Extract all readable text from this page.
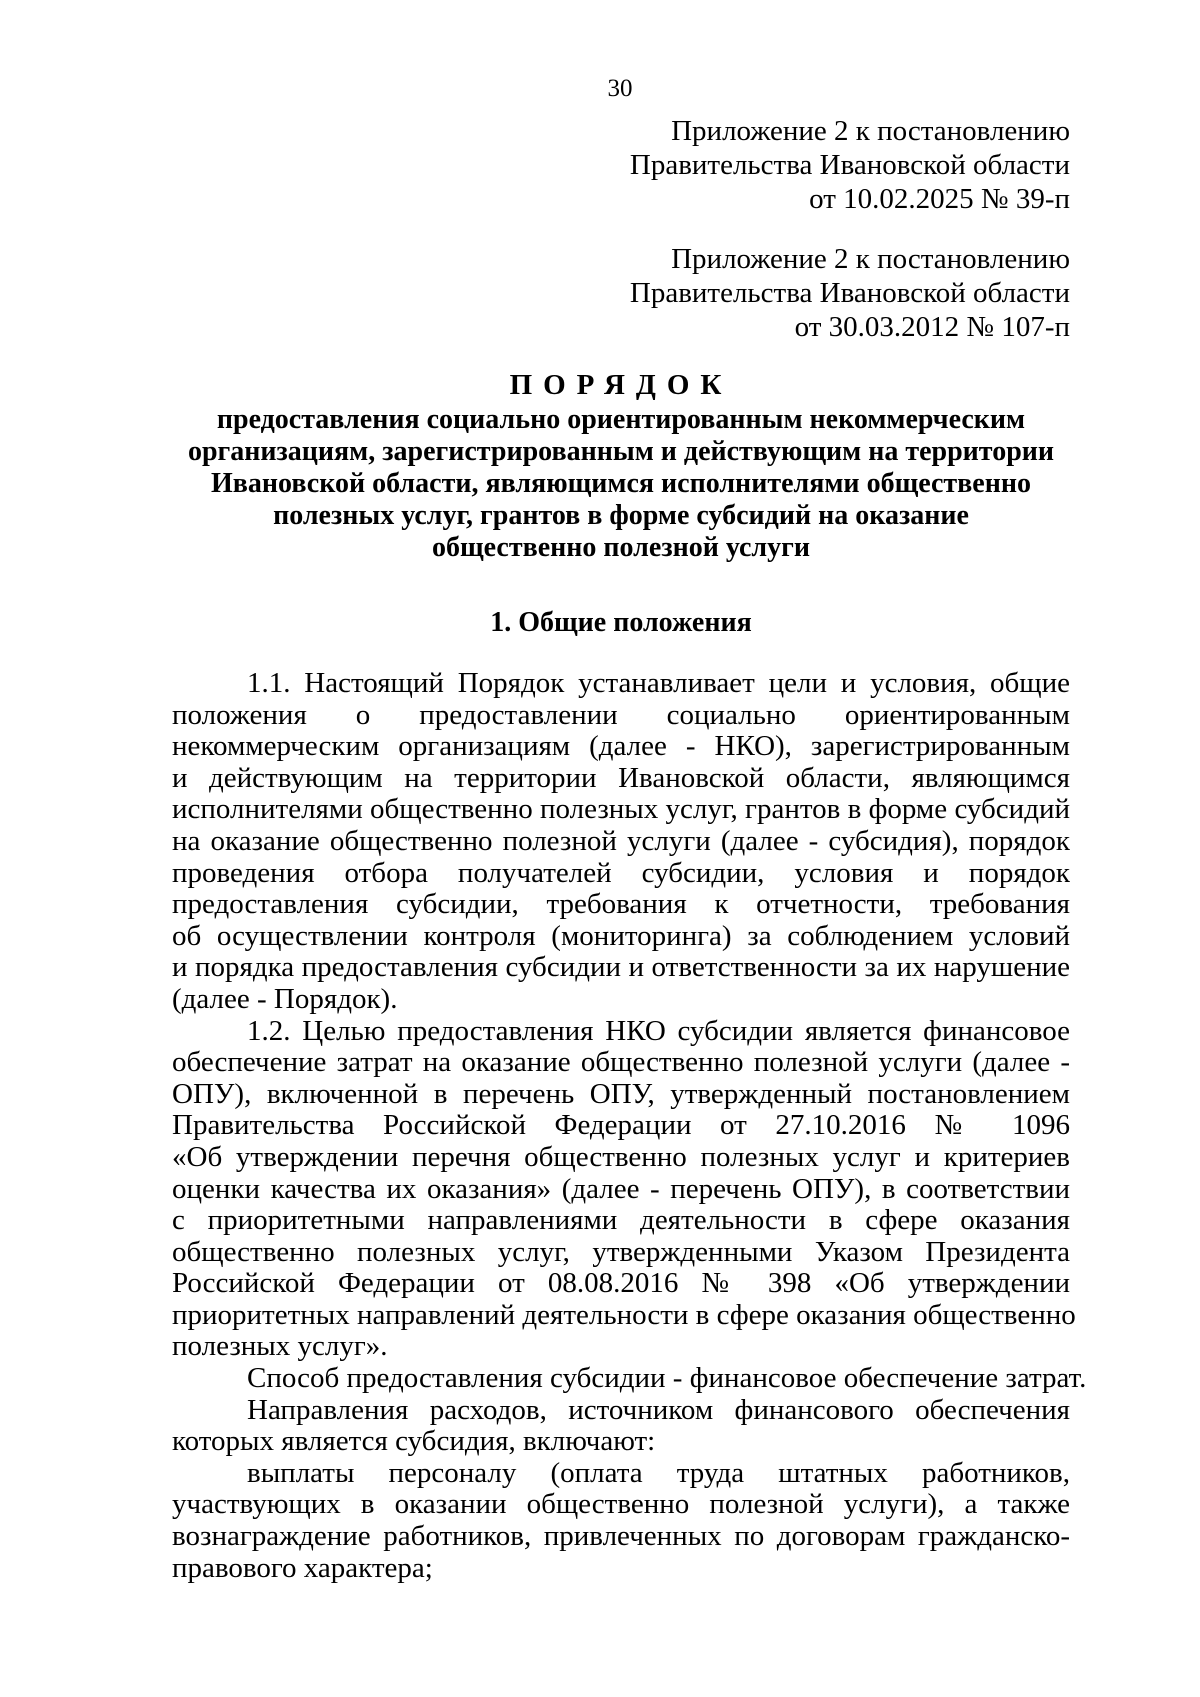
30
Приложение 2 к постановлению
Правительства Ивановской области
от 10.02.2025 № 39-п
Приложение 2 к постановлению
Правительства Ивановской области
от 30.03.2012 № 107-п
ПОРЯДОК
предоставления социально ориентированным некоммерческим
организациям, зарегистрированным и действующим на территории
Ивановской области, являющимся исполнителями общественно
полезных услуг, грантов в форме субсидий на оказание
общественно полезной услуги
1. Общие положения
1.1. Настоящий Порядок устанавливает цели и условия, общие
положения о предоставлении социально ориентированным
некоммерческим организациям (далее - НКО), зарегистрированным
и действующим на территории Ивановской области, являющимся
исполнителями общественно полезных услуг, грантов в форме субсидий
на оказание общественно полезной услуги (далее - субсидия), порядок
проведения отбора получателей субсидии, условия и порядок
предоставления субсидии, требования к отчетности, требования
об осуществлении контроля (мониторинга) за соблюдением условий
и порядка предоставления субсидии и ответственности за их нарушение
(далее - Порядок).
1.2. Целью предоставления НКО субсидии является финансовое
обеспечение затрат на оказание общественно полезной услуги (далее -
ОПУ), включенной в перечень ОПУ, утвержденный постановлением
Правительства Российской Федерации от 27.10.2016 № 1096
«Об утверждении перечня общественно полезных услуг и критериев
оценки качества их оказания» (далее - перечень ОПУ), в соответствии
с приоритетными направлениями деятельности в сфере оказания
общественно полезных услуг, утвержденными Указом Президента
Российской Федерации от 08.08.2016 № 398 «Об утверждении
приоритетных направлений деятельности в сфере оказания общественно
полезных услуг».
Способ предоставления субсидии - финансовое обеспечение затрат.
Направления расходов, источником финансового обеспечения
которых является субсидия, включают:
выплаты персоналу (оплата труда штатных работников,
участвующих в оказании общественно полезной услуги), а также
вознаграждение работников, привлеченных по договорам гражданско-
правового характера;
